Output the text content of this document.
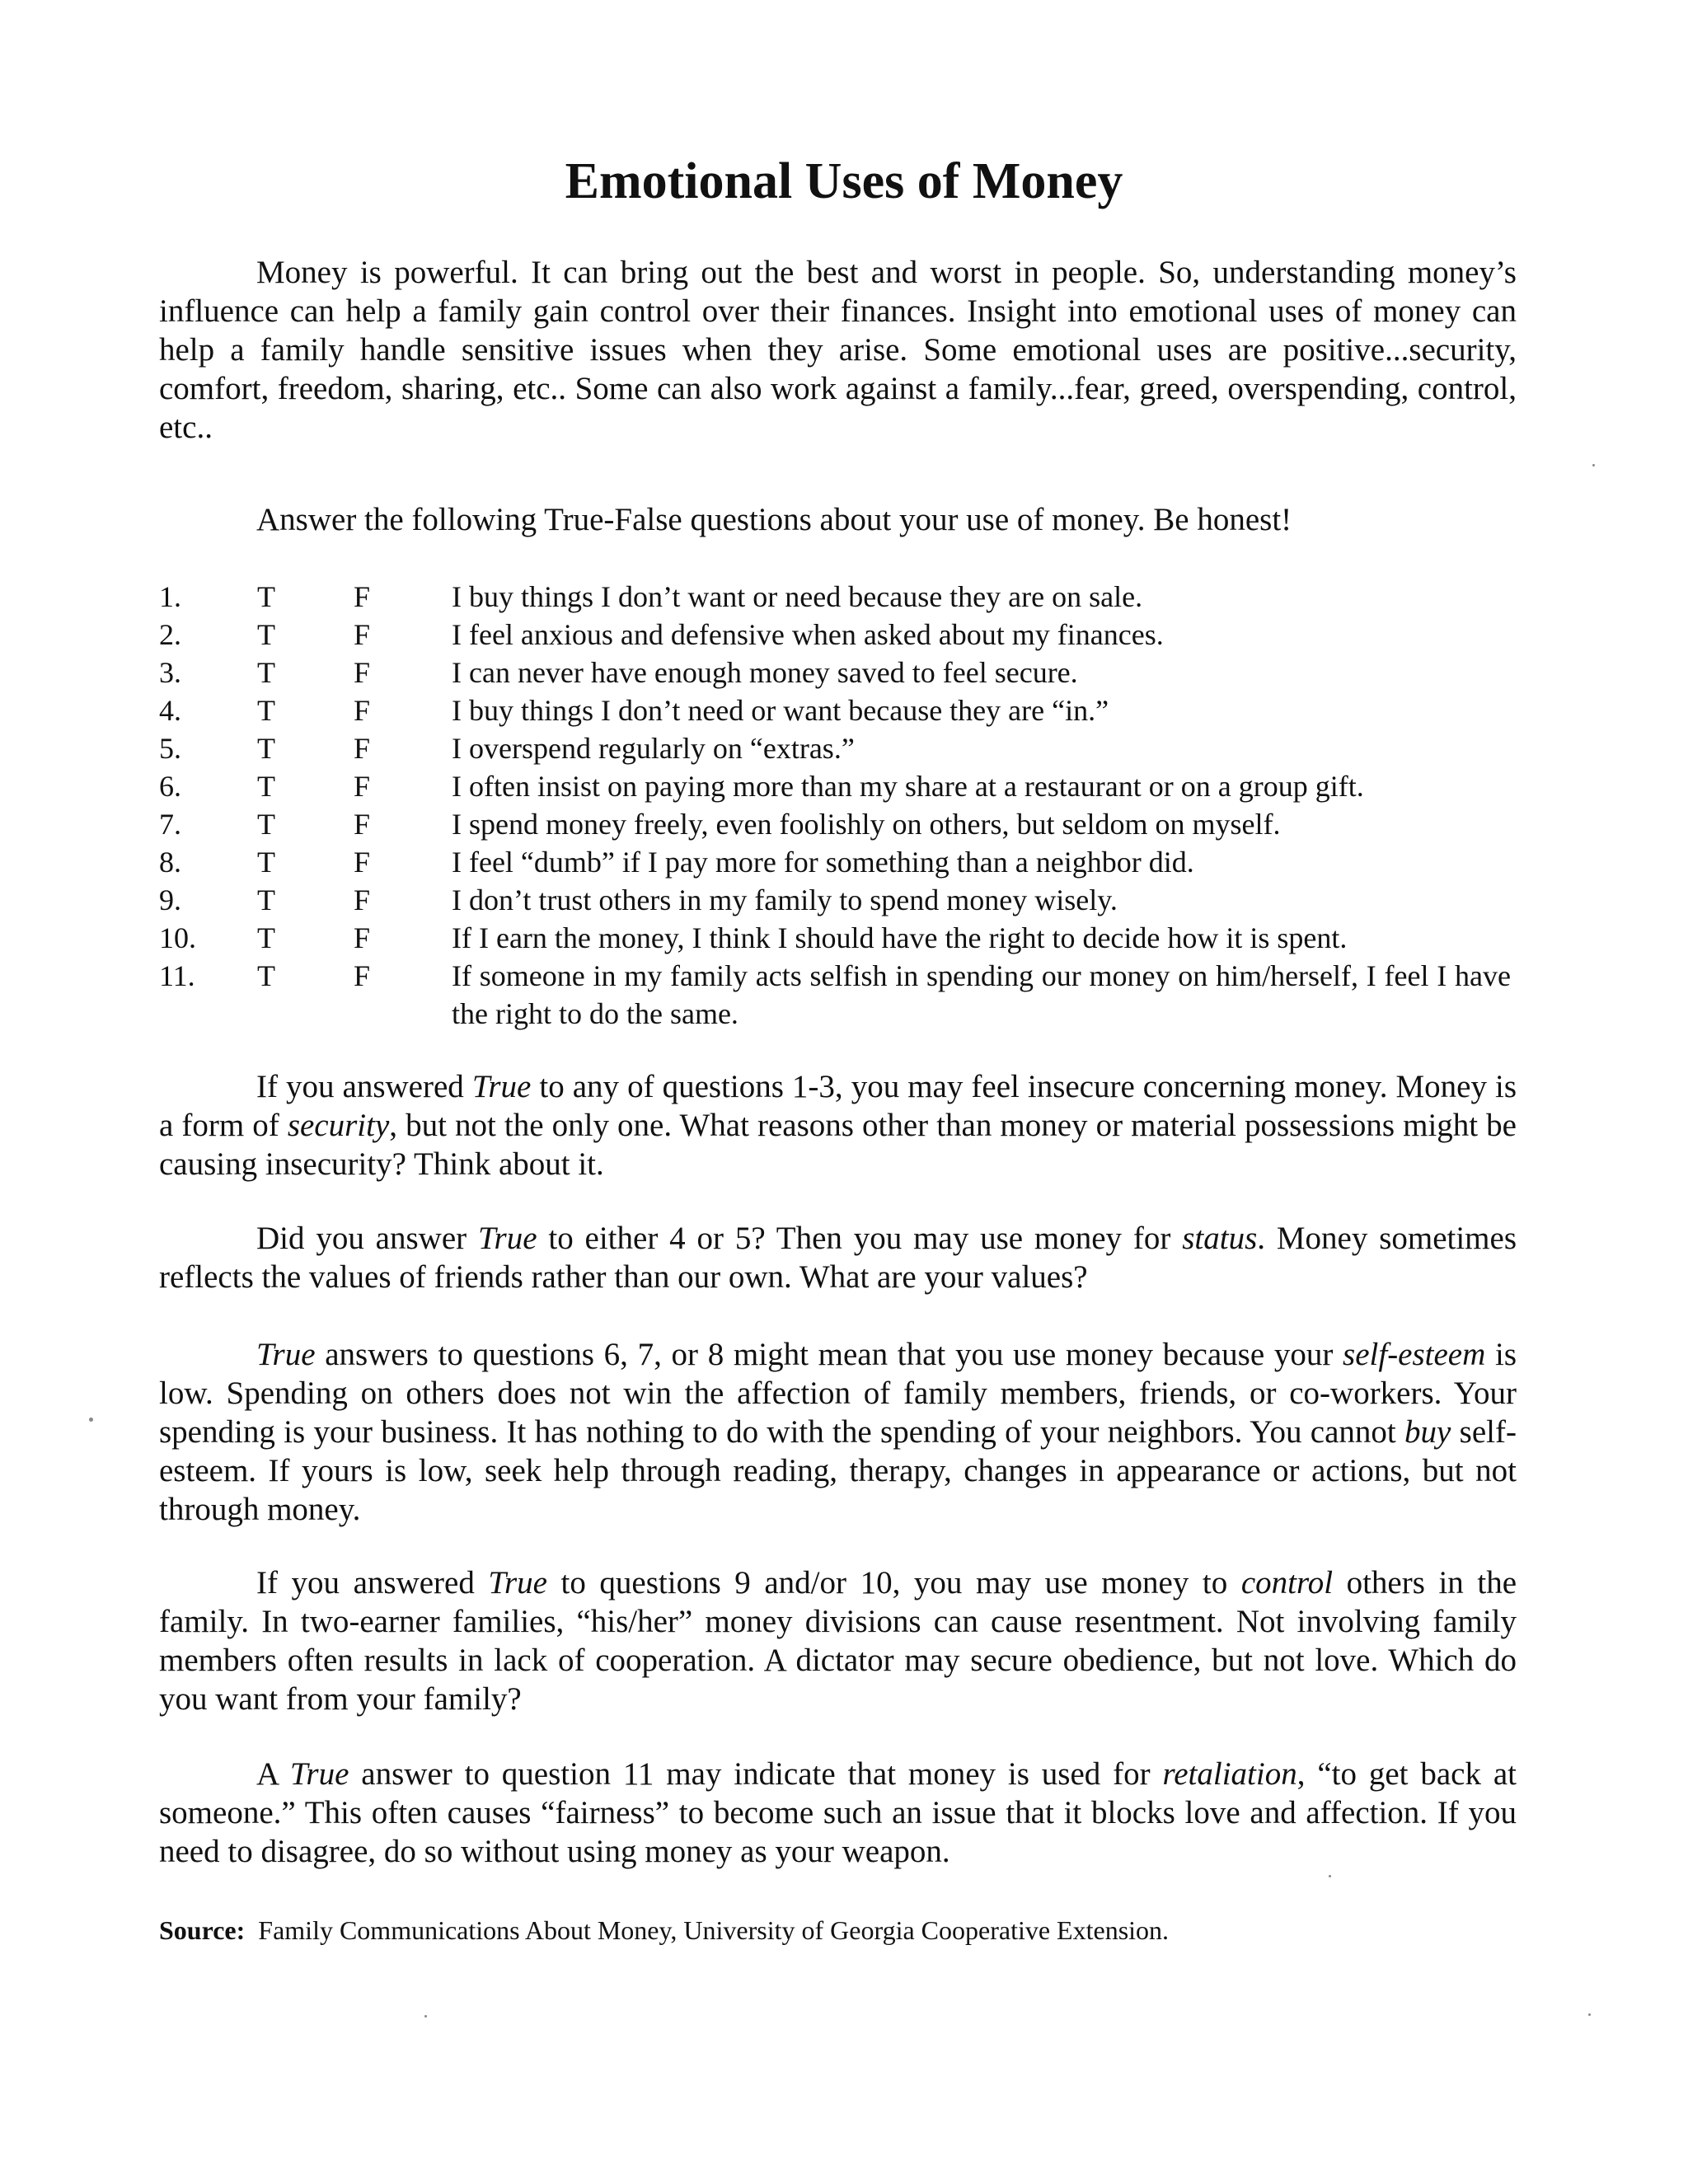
Emotional Uses of Money

Money is powerful. It can bring out the best and worst in people. So, understanding money’s influence can help a family gain control over their finances. Insight into emotional uses of money can help a family handle sensitive issues when they arise. Some emotional uses are positive...security, comfort, freedom, sharing, etc.. Some can also work against a family...fear, greed, overspending, control, etc..

Answer the following True-False questions about your use of money. Be honest!
1.	T	F	I buy things I don’t want or need because they are on sale.
2.	T	F	I feel anxious and defensive when asked about my finances.
3.	T	F	I can never have enough money saved to feel secure.
4.	T	F	I buy things I don’t need or want because they are “in.”
5.	T	F	I overspend regularly on “extras.”
6.	T	F	I often insist on paying more than my share at a restaurant or on a group gift.
7.	T	F	I spend money freely, even foolishly on others, but seldom on myself.
8.	T	F	I feel “dumb” if I pay more for something than a neighbor did.
9.	T	F	I don’t trust others in my family to spend money wisely.
10. T	F	If I earn the money, I think I should have the right to decide how it is spent.
11. T	F	If someone in my family acts selfish in spending our money on him/herself, I feel I have the right to do the same.

If you answered True to any of questions 1-3, you may feel insecure concerning money. Money is a form of security, but not the only one. What reasons other than money or material possessions might be causing insecurity? Think about it.

Did you answer True to either 4 or 5? Then you may use money for status. Money sometimes reflects the values of friends rather than our own. What are your values?

True answers to questions 6, 7, or 8 might mean that you use money because your self-esteem is low. Spending on others does not win the affection of family members, friends, or co-workers. Your spending is your business. It has nothing to do with the spending of your neighbors. You cannot buy self-esteem. If yours is low, seek help through reading, therapy, changes in appearance or actions, but not through money.

If you answered True to questions 9 and/or 10, you may use money to control others in the family. In two-earner families, “his/her” money divisions can cause resentment. Not involving family members often results in lack of cooperation. A dictator may secure obedience, but not love. Which do you want from your family?

A True answer to question 11 may indicate that money is used for retaliation, “to get back at someone.” This often causes “fairness” to become such an issue that it blocks love and affection. If you need to disagree, do so without using money as your weapon.

Source: Family Communications About Money, University of Georgia Cooperative Extension.
